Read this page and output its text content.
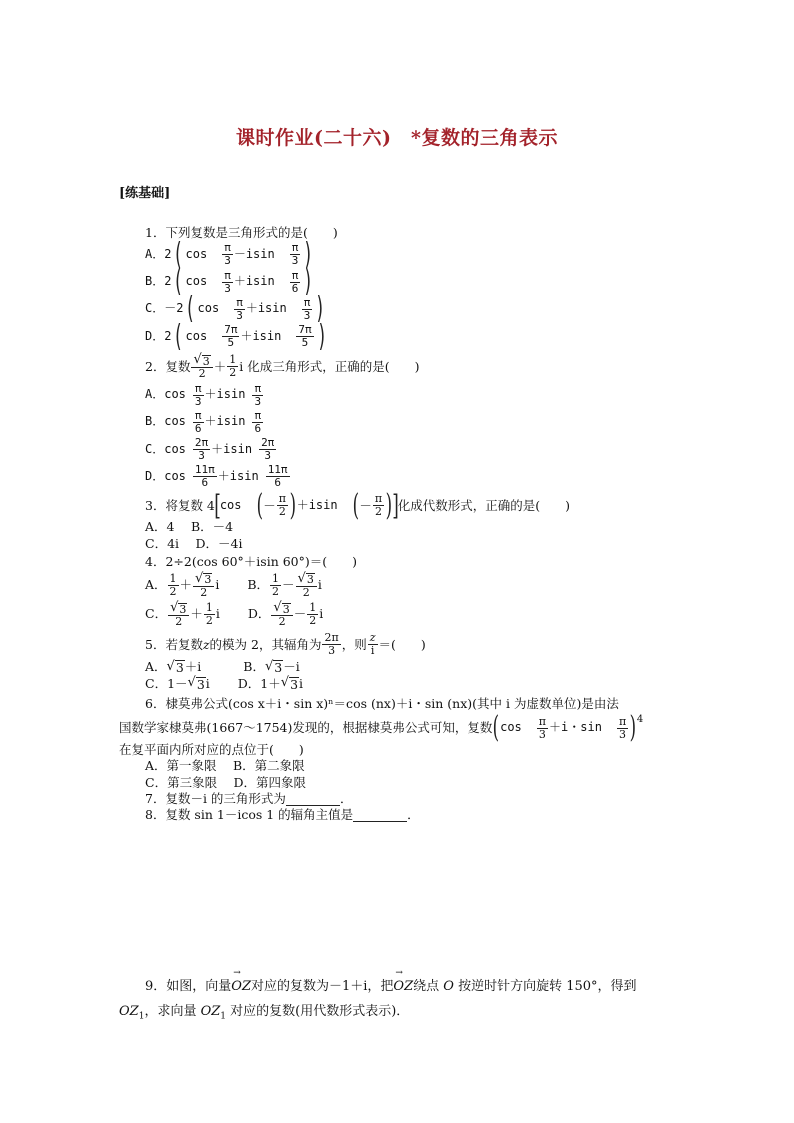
课时作业(二十六)　*复数的三角表示
[练基础]
1．下列复数是三角形式的是(　　)
A．2 ( $\cos \frac{\pi}{3} -isin \frac{\pi}{3}$ )
B．2 ( $\cos \frac{\pi}{3} +isin \frac{\pi}{6}$ )
C．－2 ( $\cos \frac{\pi}{3} +isin \frac{\pi}{3}$ )
D．2 ( $\cos \frac{7\pi}{5} +isin \frac{7\pi}{5}$ )
2．复数 $\frac{√ 3}{2} + \frac{1}{2}$ i 化成三角形式，正确的是(　　)
A．$\cos \frac{\pi}{3} +isin \frac{\pi}{3}$
B．$\cos \frac{\pi}{6} +isin \frac{\pi}{6}$
C．$\cos \frac{2\pi}{3} +isin \frac{2\pi}{3}$
D．$\cos \frac{11\pi}{6} +isin \frac{11\pi}{6}$
3．将复数 4 [ cos ( － $\frac{\pi}{2}$ ) ＋isin ( － $\frac{\pi}{2}$ ) ] 化成代数形式，正确的是(　　)
A．4　 B．－4
C．4i　 D．－4i
4．2÷2(cos 60°＋isin 60°)＝(　　)
A． $\frac{1}{2} + \frac{√ 3}{2}$ i B． $\frac{1}{2} - \frac{√ 3}{2}$ i
C． $\frac{√ 3}{2} + \frac{1}{2}$ i D． $\frac{√ 3}{2} - \frac{1}{2}$ i
5．若复数 z 的模为 2，其辐角为 $\frac{2\pi}{3}$ ，则 $\frac{z}{i}$ ＝(　　)
A． √ 3 ＋i	B． √ 3 －i
C．1－ √ 3 i D．1＋ √ 3 i
6．棣莫弗公式(cos x＋i・sin x)ⁿ＝cos (nx)＋i・sin (nx)(其中 i 为虚数单位)是由法
国数学家棣莫弗(1667～1754)发现的，根据棣莫弗公式可知，复数 ( $\cos \frac{\pi}{3} +i$・$\sin \frac{\pi}{3}$ ) 4
在复平面内所对应的点位于(　　)
A．第一象限　 B．第二象限
C．第三象限　 D．第四象限
7．复数－i 的三角形式为	．
8．复数 sin 1－icos 1 的辐角主值是	．
9．如图，向量→ OZ对应的复数为－1＋i，把→ OZ绕点 O 按逆时针方向旋转 150°，得到
$OZ_1$，求向量 $OZ_1$ 对应的复数(用代数形式表示)．
